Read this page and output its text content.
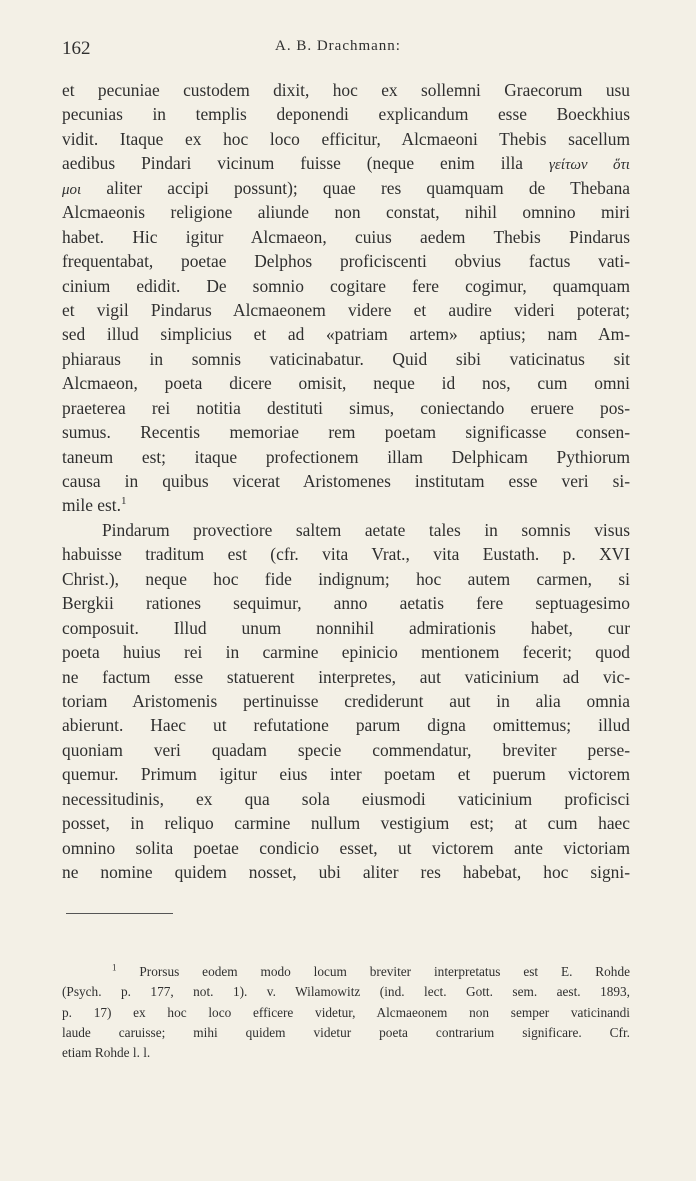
162	A. B. Drachmann:
et pecuniae custodem dixit, hoc ex sollemni Graecorum usu
pecunias in templis deponendi explicandum esse Boeckhius
vidit. Itaque ex hoc loco efficitur, Alcmaeoni Thebis sacellum
aedibus Pindari vicinum fuisse (neque enim illa γείτων ὅτι
μοι aliter accipi possunt); quae res quamquam de Thebana
Alcmaeonis religione aliunde non constat, nihil omnino miri
habet. Hic igitur Alcmaeon, cuius aedem Thebis Pindarus
frequentabat, poetae Delphos proficiscenti obvius factus vati-
cinium edidit. De somnio cogitare fere cogimur, quamquam
et vigil Pindarus Alcmaeonem videre et audire videri poterat;
sed illud simplicius et ad «patriam artem» aptius; nam Am-
phiaraus in somnis vaticinabatur. Quid sibi vaticinatus sit
Alcmaeon, poeta dicere omisit, neque id nos, cum omni
praeterea rei notitia destituti simus, coniectando eruere pos-
sumus. Recentis memoriae rem poetam significasse consen-
taneum est; itaque profectionem illam Delphicam Pythiorum
causa in quibus vicerat Aristomenes institutam esse veri si-
mile est.$^1$
Pindarum provectiore saltem aetate tales in somnis visus
habuisse traditum est (cfr. vita Vrat., vita Eustath. p. XVI
Christ.), neque hoc fide indignum; hoc autem carmen, si
Bergkii rationes sequimur, anno aetatis fere septuagesimo
composuit. Illud unum nonnihil admirationis habet, cur
poeta huius rei in carmine epinicio mentionem fecerit; quod
ne factum esse statuerent interpretes, aut vaticinium ad vic-
toriam Aristomenis pertinuisse crediderunt aut in alia omnia
abierunt. Haec ut refutatione parum digna omittemus; illud
quoniam veri quadam specie commendatur, breviter perse-
quemur. Primum igitur eius inter poetam et puerum victorem
necessitudinis, ex qua sola eiusmodi vaticinium proficisci
posset, in reliquo carmine nullum vestigium est; at cum haec
omnino solita poetae condicio esset, ut victorem ante victoriam
ne nomine quidem nosset, ubi aliter res habebat, hoc signi-
$^1$ Prorsus eodem modo locum breviter interpretatus est E. Rohde
(Psych. p. 177, not. 1). v. Wilamowitz (ind. lect. Gott. sem. aest. 1893,
p. 17) ex hoc loco efficere videtur, Alcmaeonem non semper vaticinandi
laude caruisse; mihi quidem videtur poeta contrarium significare. Cfr.
etiam Rohde l. l.
